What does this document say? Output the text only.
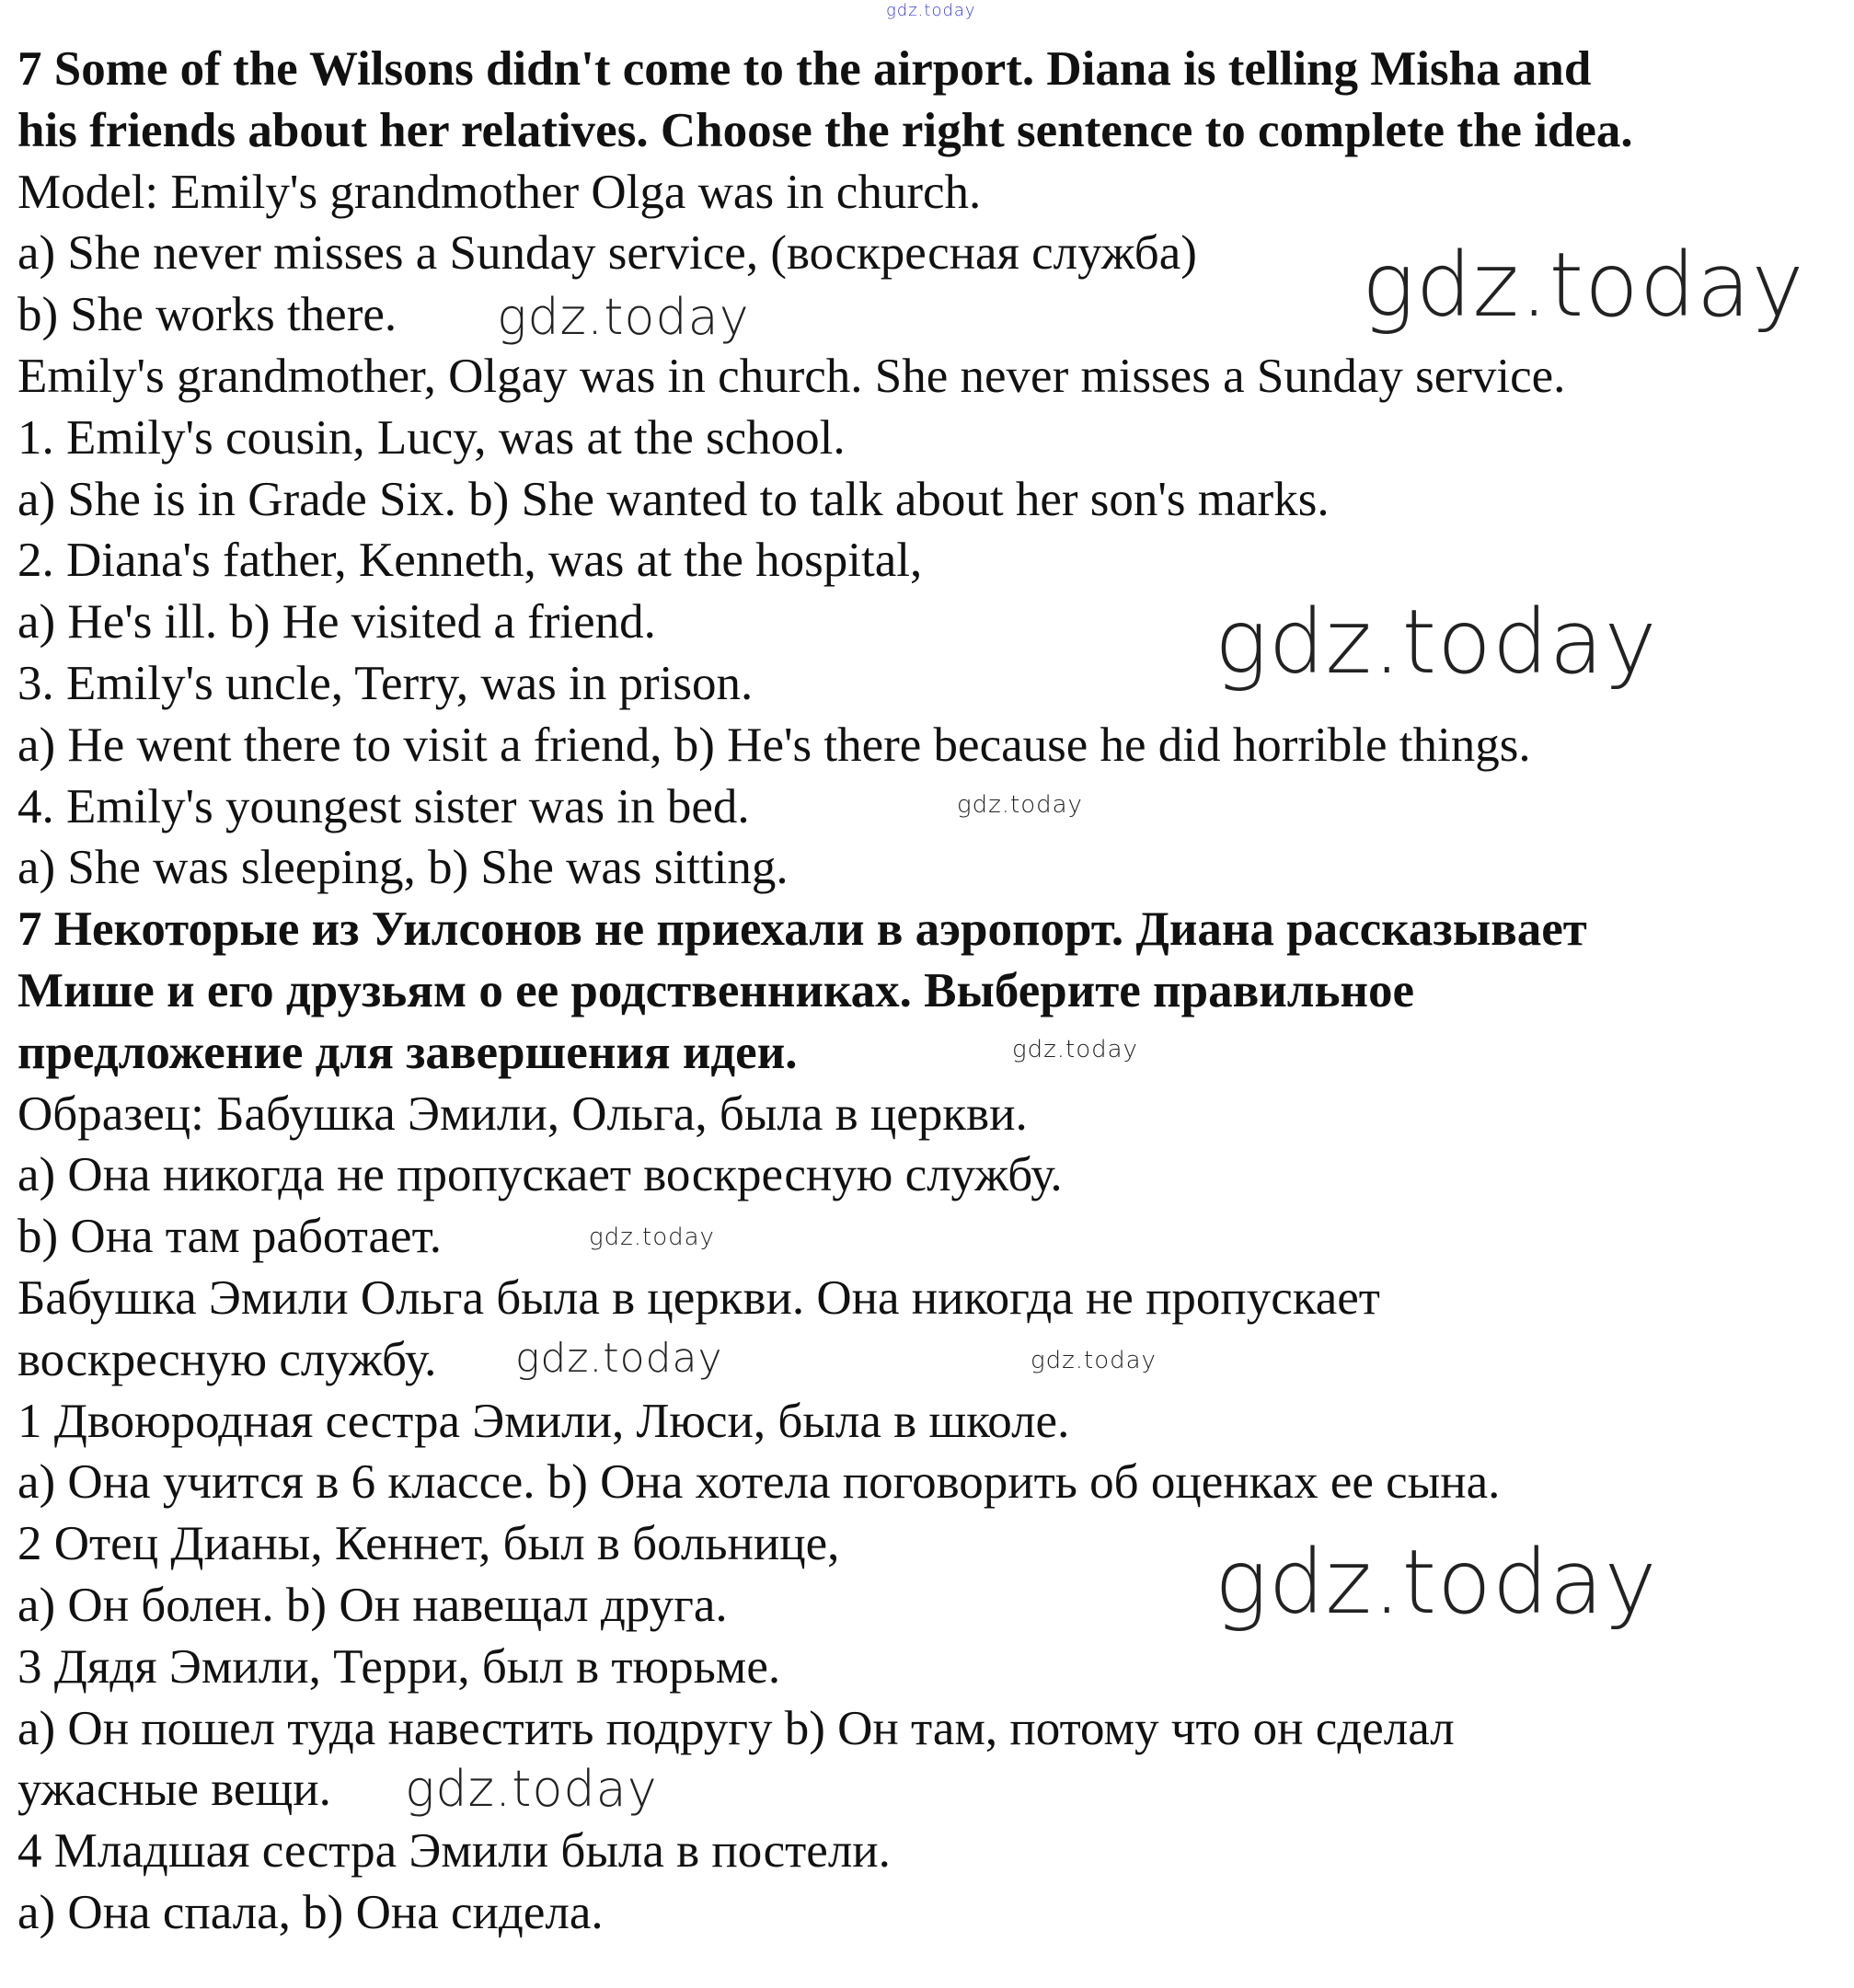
7 Some of the Wilsons didn't come to the airport. Diana is telling Misha and
his friends about her relatives. Choose the right sentence to complete the idea.
Model: Emily's grandmother Olga was in church.
a) She never misses a Sunday service, (воскресная служба)
b) She works there.
Emily's grandmother, Olgay was in church. She never misses a Sunday service.
1. Emily's cousin, Lucy, was at the school.
a) She is in Grade Six. b) She wanted to talk about her son's marks.
2. Diana's father, Kenneth, was at the hospital,
a) He's ill. b) He visited a friend.
3. Emily's uncle, Terry, was in prison.
a) He went there to visit a friend, b) He's there because he did horrible things.
4. Emily's youngest sister was in bed.
a) She was sleeping, b) She was sitting.
7 Некоторые из Уилсонов не приехали в аэропорт. Диана рассказывает
Мише и его друзьям о ее родственниках. Выберите правильное
предложение для завершения идеи.
Образец: Бабушка Эмили, Ольга, была в церкви.
a) Она никогда не пропускает воскресную службу.
b) Она там работает.
Бабушка Эмили Ольга была в церкви. Она никогда не пропускает
воскресную службу.
1 Двоюродная сестра Эмили, Люси, была в школе.
a) Она учится в 6 классе. b) Она хотела поговорить об оценках ее сына.
2 Отец Дианы, Кеннет, был в больнице,
a) Он болен. b) Он навещал друга.
3 Дядя Эмили, Терри, был в тюрьме.
a) Он пошел туда навестить подругу b) Он там, потому что он сделал
ужасные вещи.
4 Младшая сестра Эмили была в постели.
a) Она спала, b) Она сидела.
gdz.today
gdz.today
gdz.today
gdz.today
gdz.today
gdz.today
gdz.today
gdz.today
gdz.today
gdz.today
gdz.today
